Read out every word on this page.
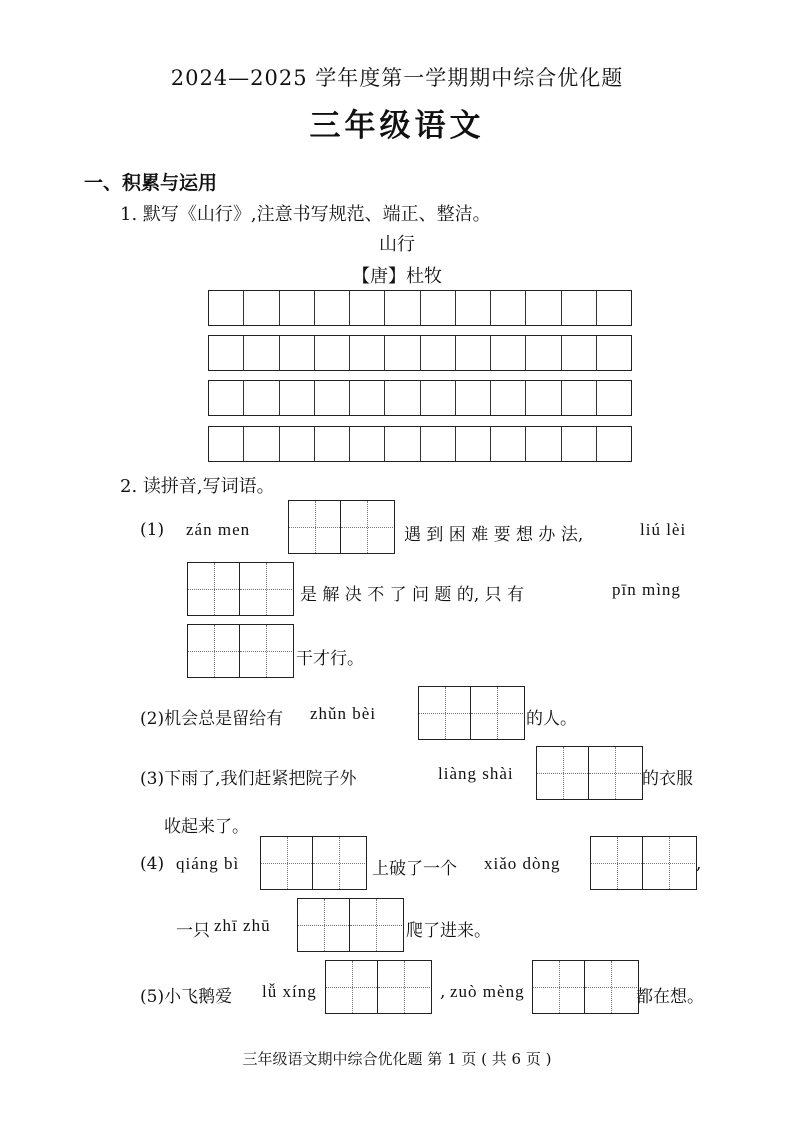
2024—2025 学年度第一学期期中综合优化题
三年级语文
一、积累与运用
1. 默写《山行》,注意书写规范、端正、整洁。
山行
【唐】杜牧
2. 读拼音,写词语。
(1) zán men	遇 到 困 难 要 想 办 法,	liú lèi
是 解 决 不 了 问 题 的, 只 有	pīn mìng
干才行。
(2)机会总是留给有 zhǔn bèi	的人。
(3)下雨了,我们赶紧把院子外	liàng shài	的衣服
收起来了。
(4) qiáng bì	上破了一个 xiǎo dòng	,
一只 zhī zhū	爬了进来。
(5)小飞鹅爱 lǚ xíng	, zuò mèng	都在想。
三年级语文期中综合优化题 第 1 页 ( 共 6 页 )
